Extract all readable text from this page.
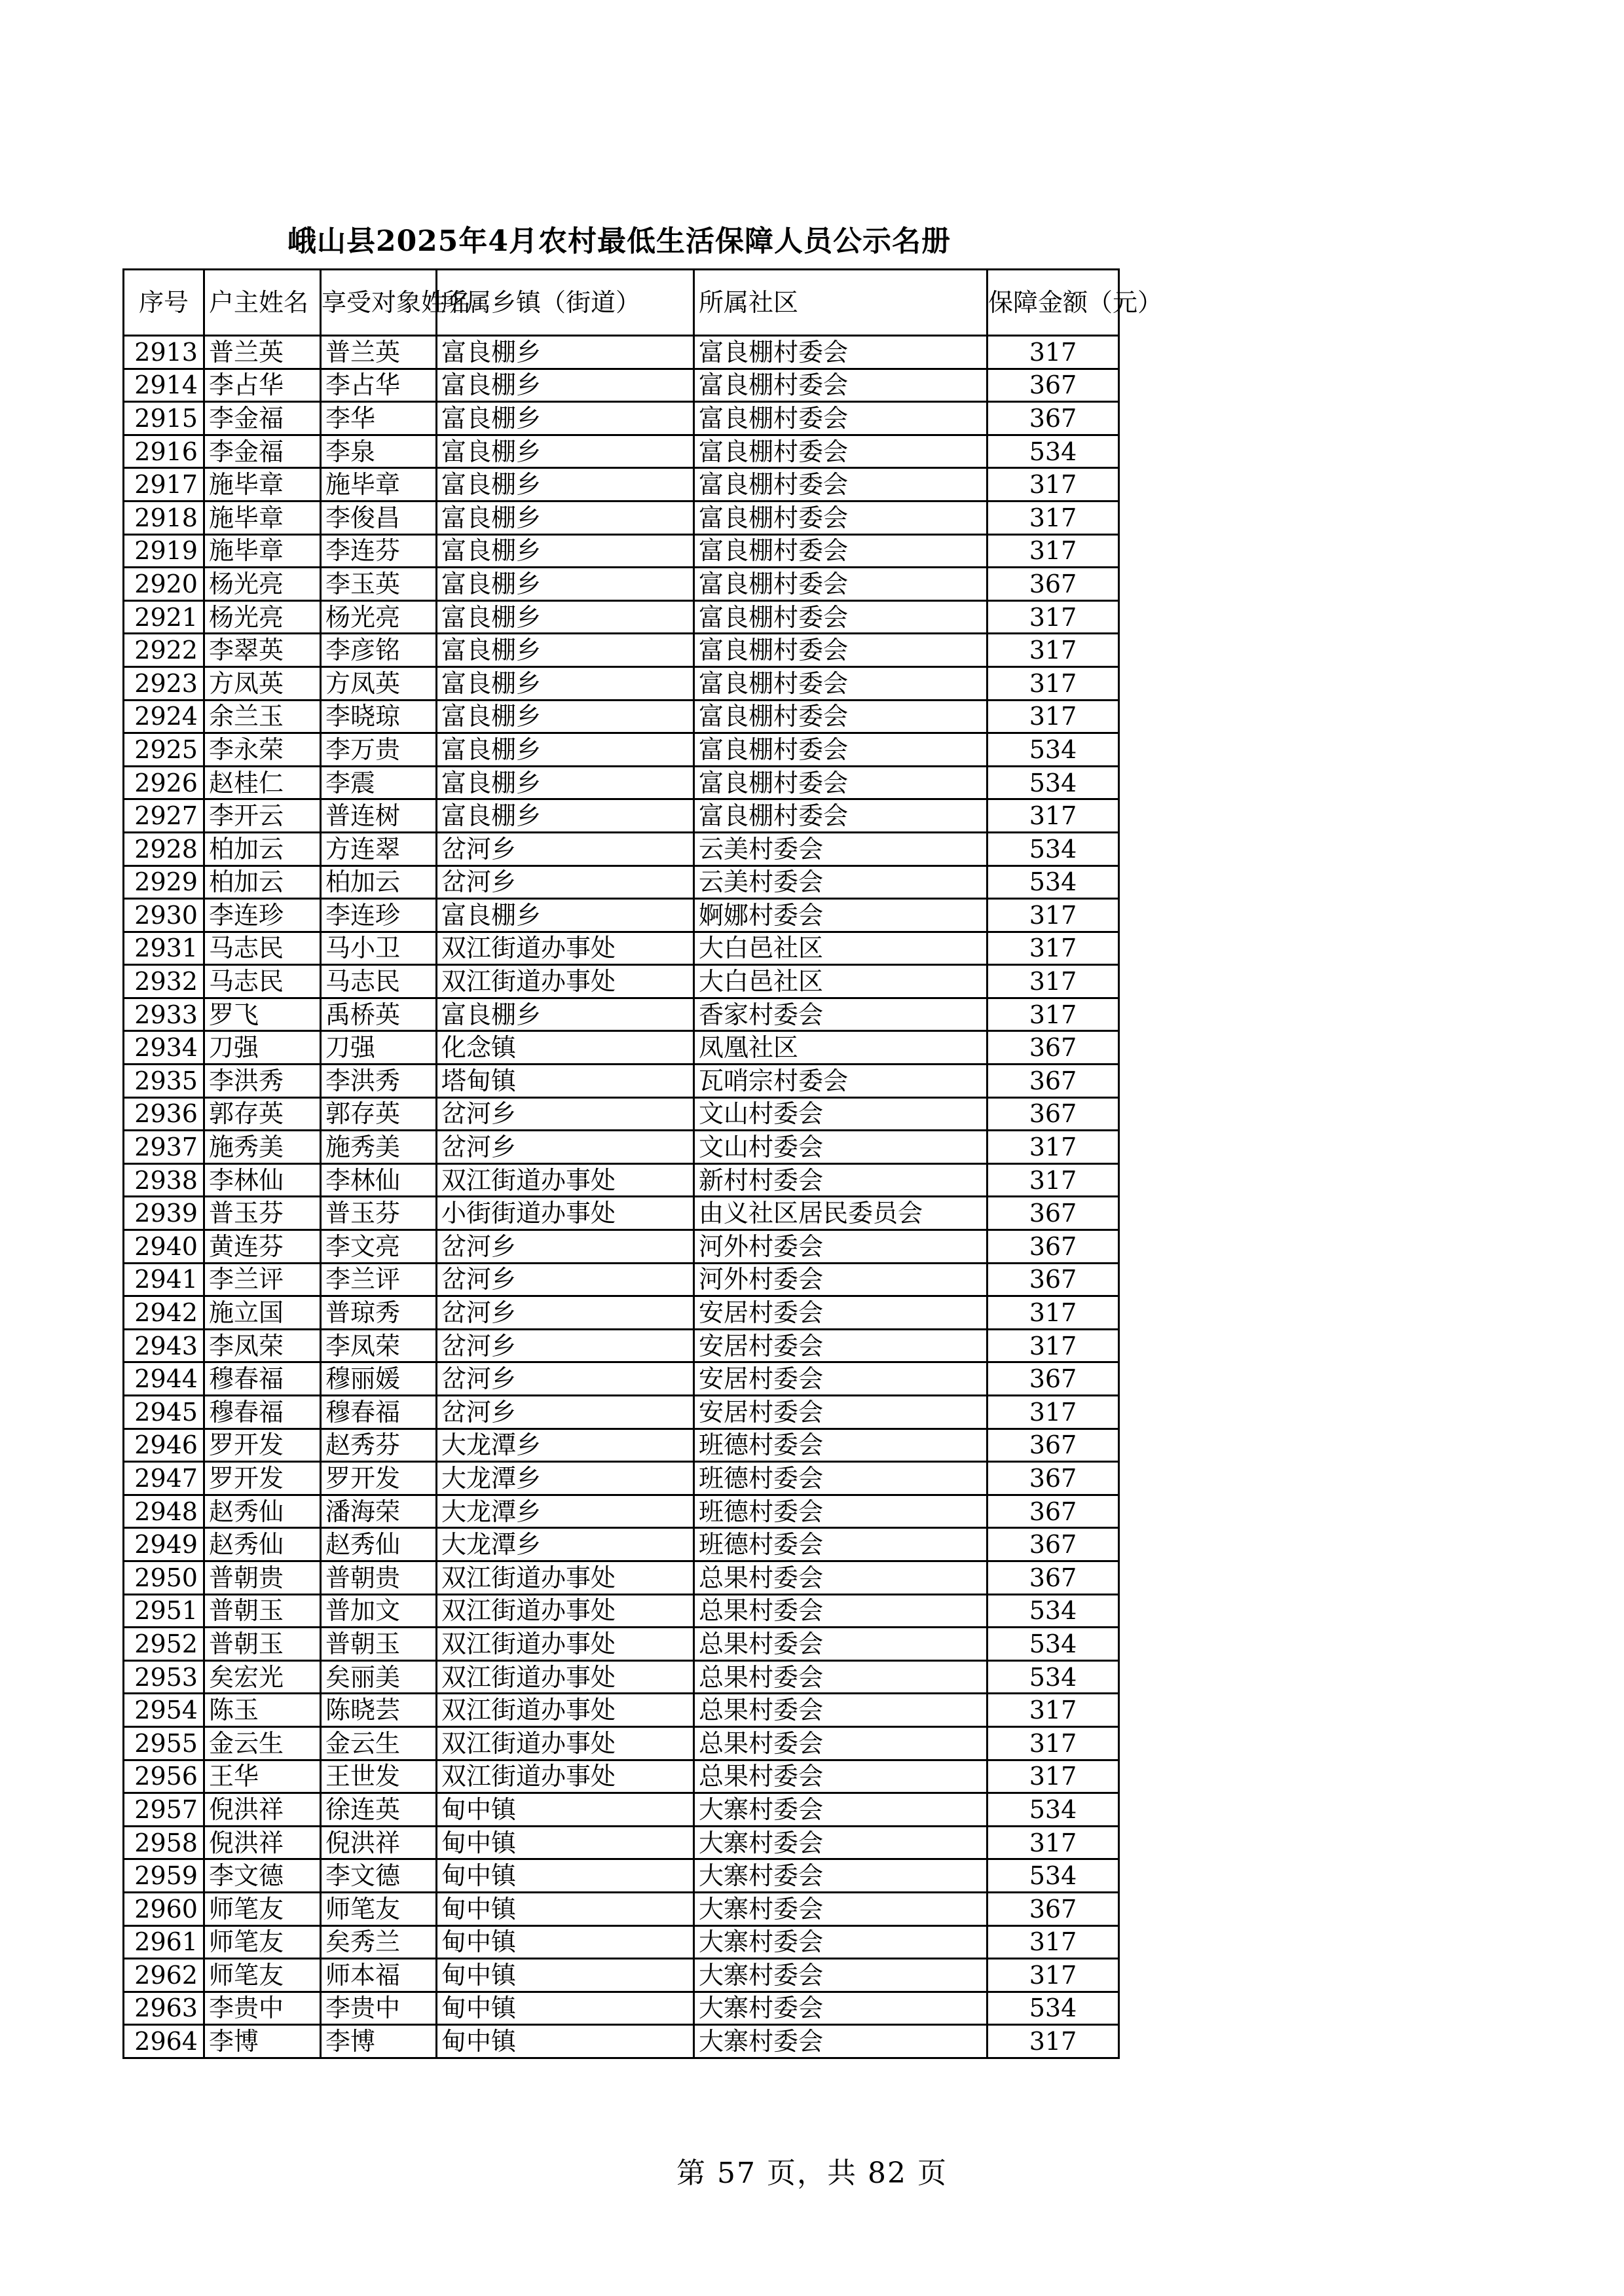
峨山县2025年4月农村最低生活保障人员公示名册
序号	户主姓名	享受对象姓名	所属乡镇（街道）	所属社区	保障金额（元）
2913	普兰英	普兰英	富良棚乡	富良棚村委会	317
2914	李占华	李占华	富良棚乡	富良棚村委会	367
2915	李金福	李华	富良棚乡	富良棚村委会	367
2916	李金福	李泉	富良棚乡	富良棚村委会	534
2917	施毕章	施毕章	富良棚乡	富良棚村委会	317
2918	施毕章	李俊昌	富良棚乡	富良棚村委会	317
2919	施毕章	李连芬	富良棚乡	富良棚村委会	317
2920	杨光亮	李玉英	富良棚乡	富良棚村委会	367
2921	杨光亮	杨光亮	富良棚乡	富良棚村委会	317
2922	李翠英	李彦铭	富良棚乡	富良棚村委会	317
2923	方凤英	方凤英	富良棚乡	富良棚村委会	317
2924	余兰玉	李晓琼	富良棚乡	富良棚村委会	317
2925	李永荣	李万贵	富良棚乡	富良棚村委会	534
2926	赵桂仁	李震	富良棚乡	富良棚村委会	534
2927	李开云	普连树	富良棚乡	富良棚村委会	317
2928	柏加云	方连翠	岔河乡	云美村委会	534
2929	柏加云	柏加云	岔河乡	云美村委会	534
2930	李连珍	李连珍	富良棚乡	婀娜村委会	317
2931	马志民	马小卫	双江街道办事处	大白邑社区	317
2932	马志民	马志民	双江街道办事处	大白邑社区	317
2933	罗飞	禹桥英	富良棚乡	香家村委会	317
2934	刀强	刀强	化念镇	凤凰社区	367
2935	李洪秀	李洪秀	塔甸镇	瓦哨宗村委会	367
2936	郭存英	郭存英	岔河乡	文山村委会	367
2937	施秀美	施秀美	岔河乡	文山村委会	317
2938	李林仙	李林仙	双江街道办事处	新村村委会	317
2939	普玉芬	普玉芬	小街街道办事处	由义社区居民委员会	367
2940	黄连芬	李文亮	岔河乡	河外村委会	367
2941	李兰评	李兰评	岔河乡	河外村委会	367
2942	施立国	普琼秀	岔河乡	安居村委会	317
2943	李凤荣	李凤荣	岔河乡	安居村委会	317
2944	穆春福	穆丽媛	岔河乡	安居村委会	367
2945	穆春福	穆春福	岔河乡	安居村委会	317
2946	罗开发	赵秀芬	大龙潭乡	班德村委会	367
2947	罗开发	罗开发	大龙潭乡	班德村委会	367
2948	赵秀仙	潘海荣	大龙潭乡	班德村委会	367
2949	赵秀仙	赵秀仙	大龙潭乡	班德村委会	367
2950	普朝贵	普朝贵	双江街道办事处	总果村委会	367
2951	普朝玉	普加文	双江街道办事处	总果村委会	534
2952	普朝玉	普朝玉	双江街道办事处	总果村委会	534
2953	矣宏光	矣丽美	双江街道办事处	总果村委会	534
2954	陈玉	陈晓芸	双江街道办事处	总果村委会	317
2955	金云生	金云生	双江街道办事处	总果村委会	317
2956	王华	王世发	双江街道办事处	总果村委会	317
2957	倪洪祥	徐连英	甸中镇	大寨村委会	534
2958	倪洪祥	倪洪祥	甸中镇	大寨村委会	317
2959	李文德	李文德	甸中镇	大寨村委会	534
2960	师笔友	师笔友	甸中镇	大寨村委会	367
2961	师笔友	矣秀兰	甸中镇	大寨村委会	317
2962	师笔友	师本福	甸中镇	大寨村委会	317
2963	李贵中	李贵中	甸中镇	大寨村委会	534
2964	李博	李博	甸中镇	大寨村委会	317
第 57 页，共 82 页
